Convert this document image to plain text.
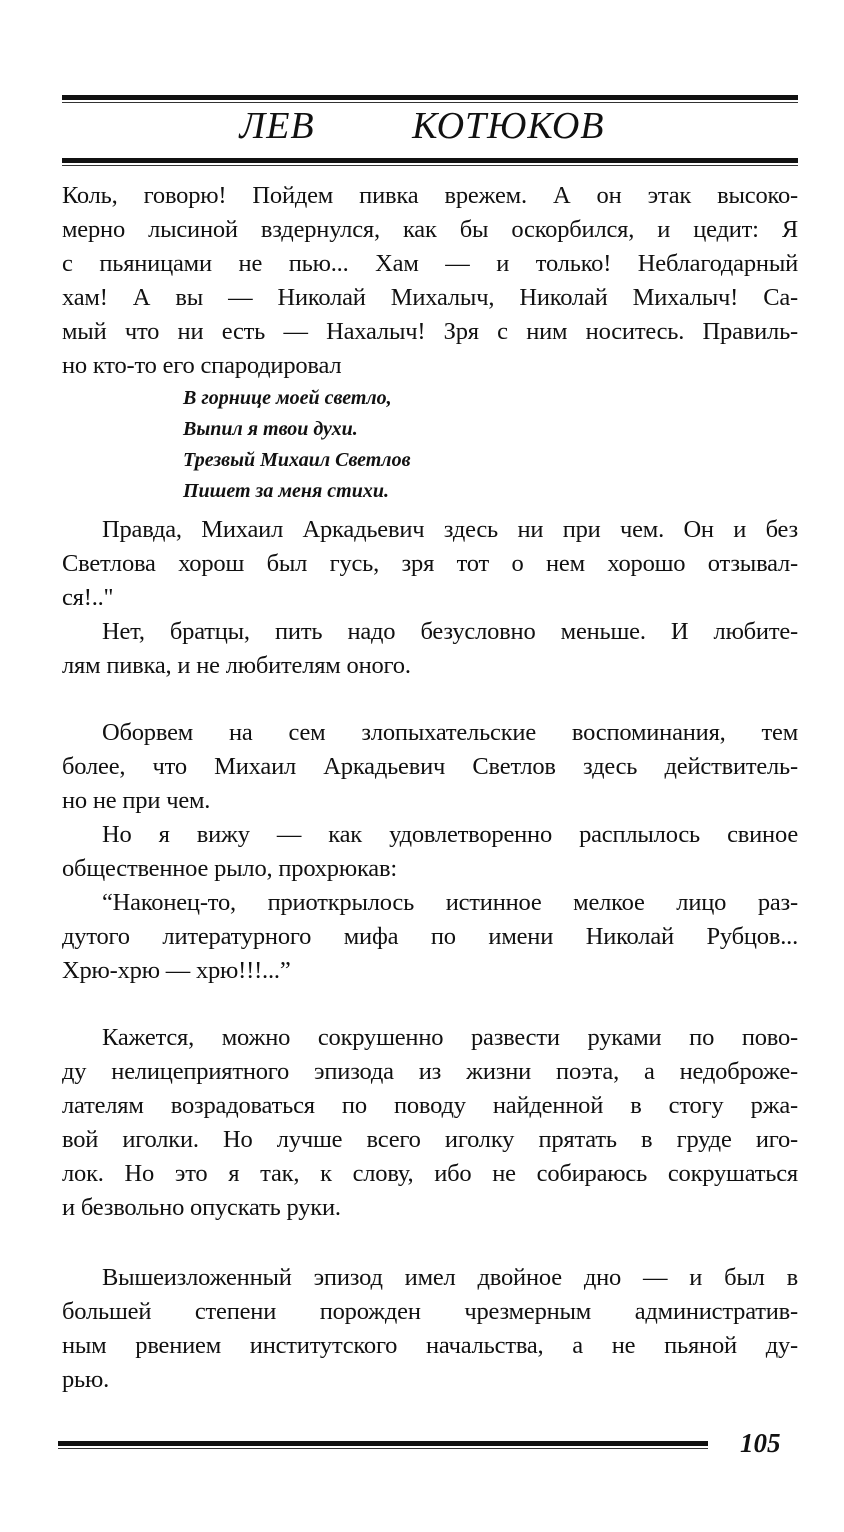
ЛЕВ   КОТЮКОВ
Коль, говорю! Пойдем пивка врежем. А он этак высоко-
мерно лысиной вздернулся, как бы оскорбился, и цедит: Я
с пьяницами не пью... Хам — и только! Неблагодарный
хам! А вы — Николай Михалыч, Николай Михалыч! Са-
мый что ни есть — Нахалыч! Зря с ним носитесь. Правиль-
но кто-то его спародировал
В горнице моей светло,
Выпил я твои духи.
Трезвый Михаил Светлов
Пишет за меня стихи.
Правда, Михаил Аркадьевич здесь ни при чем. Он и без
Светлова хорош был гусь, зря тот о нем хорошо отзывал-
ся!.."
Нет, братцы, пить надо безусловно меньше. И любите-
лям пивка, и не любителям оного.
Оборвем на сем злопыхательские воспоминания, тем
более, что Михаил Аркадьевич Светлов здесь действитель-
но не при чем.
Но я вижу — как удовлетворенно расплылось свиное
общественное рыло, прохрюкав:
“Наконец-то, приоткрылось истинное мелкое лицо раз-
дутого литературного мифа по имени Николай Рубцов...
Хрю-хрю — хрю!!!...”
Кажется, можно сокрушенно развести руками по пово-
ду нелицеприятного эпизода из жизни поэта, а недоброже-
лателям возрадоваться по поводу найденной в стогу ржа-
вой иголки. Но лучше всего иголку прятать в груде иго-
лок. Но это я так, к слову, ибо не собираюсь сокрушаться
и безвольно опускать руки.
Вышеизложенный эпизод имел двойное дно — и был в
большей степени порожден чрезмерным административ-
ным рвением институтского начальства, а не пьяной ду-
рью.
105
